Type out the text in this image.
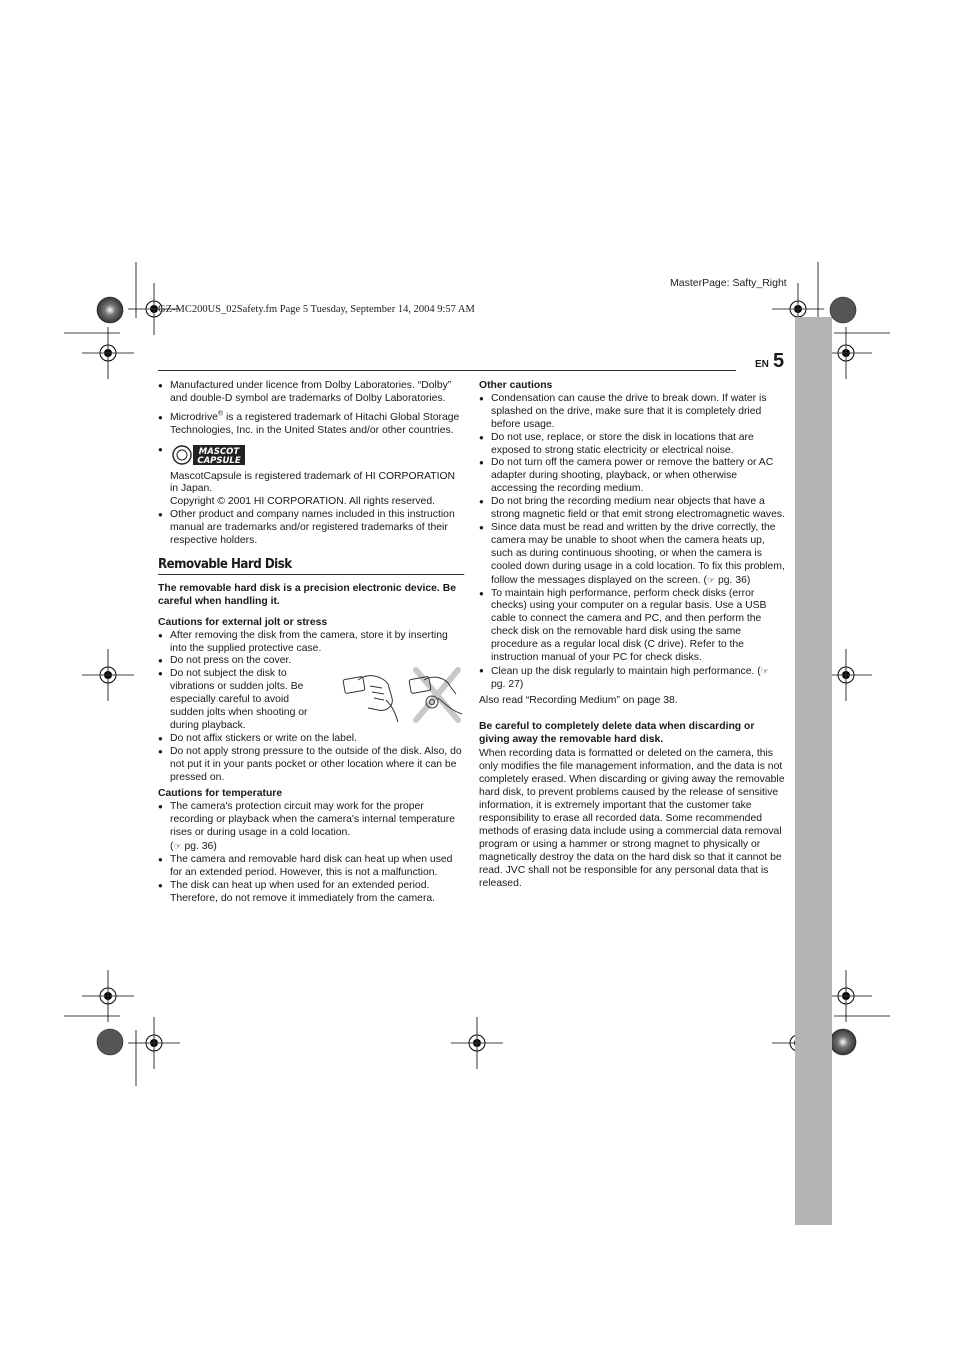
GZ-MC200US_02Safety.fm Page 5 Tuesday, September 14, 2004 9:57 AM
MasterPage: Safty_Right
EN 5
● Manufactured under licence from Dolby Laboratories. “Dolby” and double-D symbol are trademarks of Dolby Laboratories.
● Microdrive® is a registered trademark of Hitachi Global Storage Technologies, Inc. in the United States and/or other countries.
● MASCOT
CAPSULE
MascotCapsule is registered trademark of HI CORPORATION in Japan.
Copyright © 2001 HI CORPORATION. All rights reserved.
● Other product and company names included in this instruction manual are trademarks and/or registered trademarks of their respective holders.
Removable Hard Disk
The removable hard disk is a precision electronic device. Be careful when handling it.
Cautions for external jolt or stress
● After removing the disk from the camera, store it by inserting into the supplied protective case.
● Do not press on the cover.
● Do not subject the disk to vibrations or sudden jolts. Be especially careful to avoid sudden jolts when shooting or during playback.
● Do not affix stickers or write on the label.
● Do not apply strong pressure to the outside of the disk. Also, do not put it in your pants pocket or other location where it can be pressed on.
Cautions for temperature
● The camera's protection circuit may work for the proper recording or playback when the camera's internal temperature rises or during usage in a cold location.
(☞ pg. 36)
● The camera and removable hard disk can heat up when used for an extended period. However, this is not a malfunction.
● The disk can heat up when used for an extended period. Therefore, do not remove it immediately from the camera.
Other cautions
● Condensation can cause the drive to break down. If water is splashed on the drive, make sure that it is completely dried before usage.
● Do not use, replace, or store the disk in locations that are exposed to strong static electricity or electrical noise.
● Do not turn off the camera power or remove the battery or AC adapter during shooting, playback, or when otherwise accessing the recording medium.
● Do not bring the recording medium near objects that have a strong magnetic field or that emit strong electromagnetic waves.
● Since data must be read and written by the drive correctly, the camera may be unable to shoot when the camera heats up, such as during continuous shooting, or when the camera is cooled down during usage in a cold location. To fix this problem, follow the messages displayed on the screen. (☞ pg. 36)
● To maintain high performance, perform check disks (error checks) using your computer on a regular basis. Use a USB cable to connect the camera and PC, and then perform the check disk on the removable hard disk using the same procedure as a regular local disk (C drive). Refer to the instruction manual of your PC for check disks.
● Clean up the disk regularly to maintain high performance. (☞ pg. 27)
Also read “Recording Medium” on page 38.
Be careful to completely delete data when discarding or giving away the removable hard disk.
When recording data is formatted or deleted on the camera, this only modifies the file management information, and the data is not completely erased. When discarding or giving away the removable hard disk, to prevent problems caused by the release of sensitive information, it is extremely important that the customer take responsibility to erase all recorded data. Some recommended methods of erasing data include using a commercial data removal program or using a hammer or strong magnet to physically or magnetically destroy the data on the hard disk so that it cannot be read. JVC shall not be responsible for any personal data that is released.
